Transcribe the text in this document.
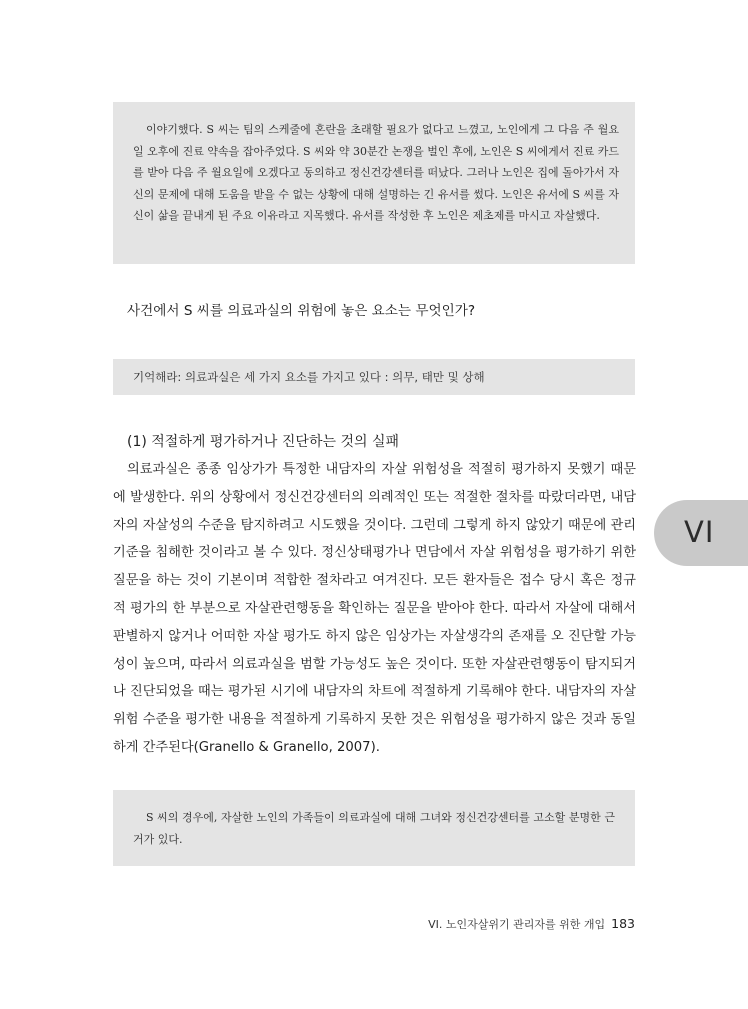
이야기했다. S 씨는 팀의 스케줄에 혼란을 초래할 필요가 없다고 느꼈고, 노인에게 그 다음 주 월요일 오후에 진료 약속을 잡아주었다. S 씨와 약 30분간 논쟁을 벌인 후에, 노인은 S 씨에게서 진료 카드를 받아 다음 주 월요일에 오겠다고 동의하고 정신건강센터를 떠났다. 그러나 노인은 집에 돌아가서 자신의 문제에 대해 도움을 받을 수 없는 상황에 대해 설명하는 긴 유서를 썼다. 노인은 유서에 S 씨를 자신이 삶을 끝내게 된 주요 이유라고 지목했다. 유서를 작성한 후 노인은 제초제를 마시고 자살했다.

사건에서 S 씨를 의료과실의 위험에 놓은 요소는 무엇인가?

기억해라: 의료과실은 세 가지 요소를 가지고 있다 : 의무, 태만 및 상해

(1) 적절하게 평가하거나 진단하는 것의 실패

의료과실은 종종 임상가가 특정한 내담자의 자살 위험성을 적절히 평가하지 못했기 때문에 발생한다. 위의 상황에서 정신건강센터의 의례적인 또는 적절한 절차를 따랐더라면, 내담자의 자살성의 수준을 탐지하려고 시도했을 것이다. 그런데 그렇게 하지 않았기 때문에 관리 기준을 침해한 것이라고 볼 수 있다. 정신상태평가나 면담에서 자살 위험성을 평가하기 위한 질문을 하는 것이 기본이며 적합한 절차라고 여겨진다. 모든 환자들은 접수 당시 혹은 정규적 평가의 한 부분으로 자살관련행동을 확인하는 질문을 받아야 한다. 따라서 자살에 대해서 판별하지 않거나 어떠한 자살 평가도 하지 않은 임상가는 자살생각의 존재를 오 진단할 가능성이 높으며, 따라서 의료과실을 범할 가능성도 높은 것이다. 또한 자살관련행동이 탐지되거나 진단되었을 때는 평가된 시기에 내담자의 차트에 적절하게 기록해야 한다. 내담자의 자살 위험 수준을 평가한 내용을 적절하게 기록하지 못한 것은 위험성을 평가하지 않은 것과 동일하게 간주된다(Granello & Granello, 2007).

S 씨의 경우에, 자살한 노인의 가족들이 의료과실에 대해 그녀와 정신건강센터를 고소할 분명한 근거가 있다.

VI
VI. 노인자살위기 관리자를 위한 개입 183
